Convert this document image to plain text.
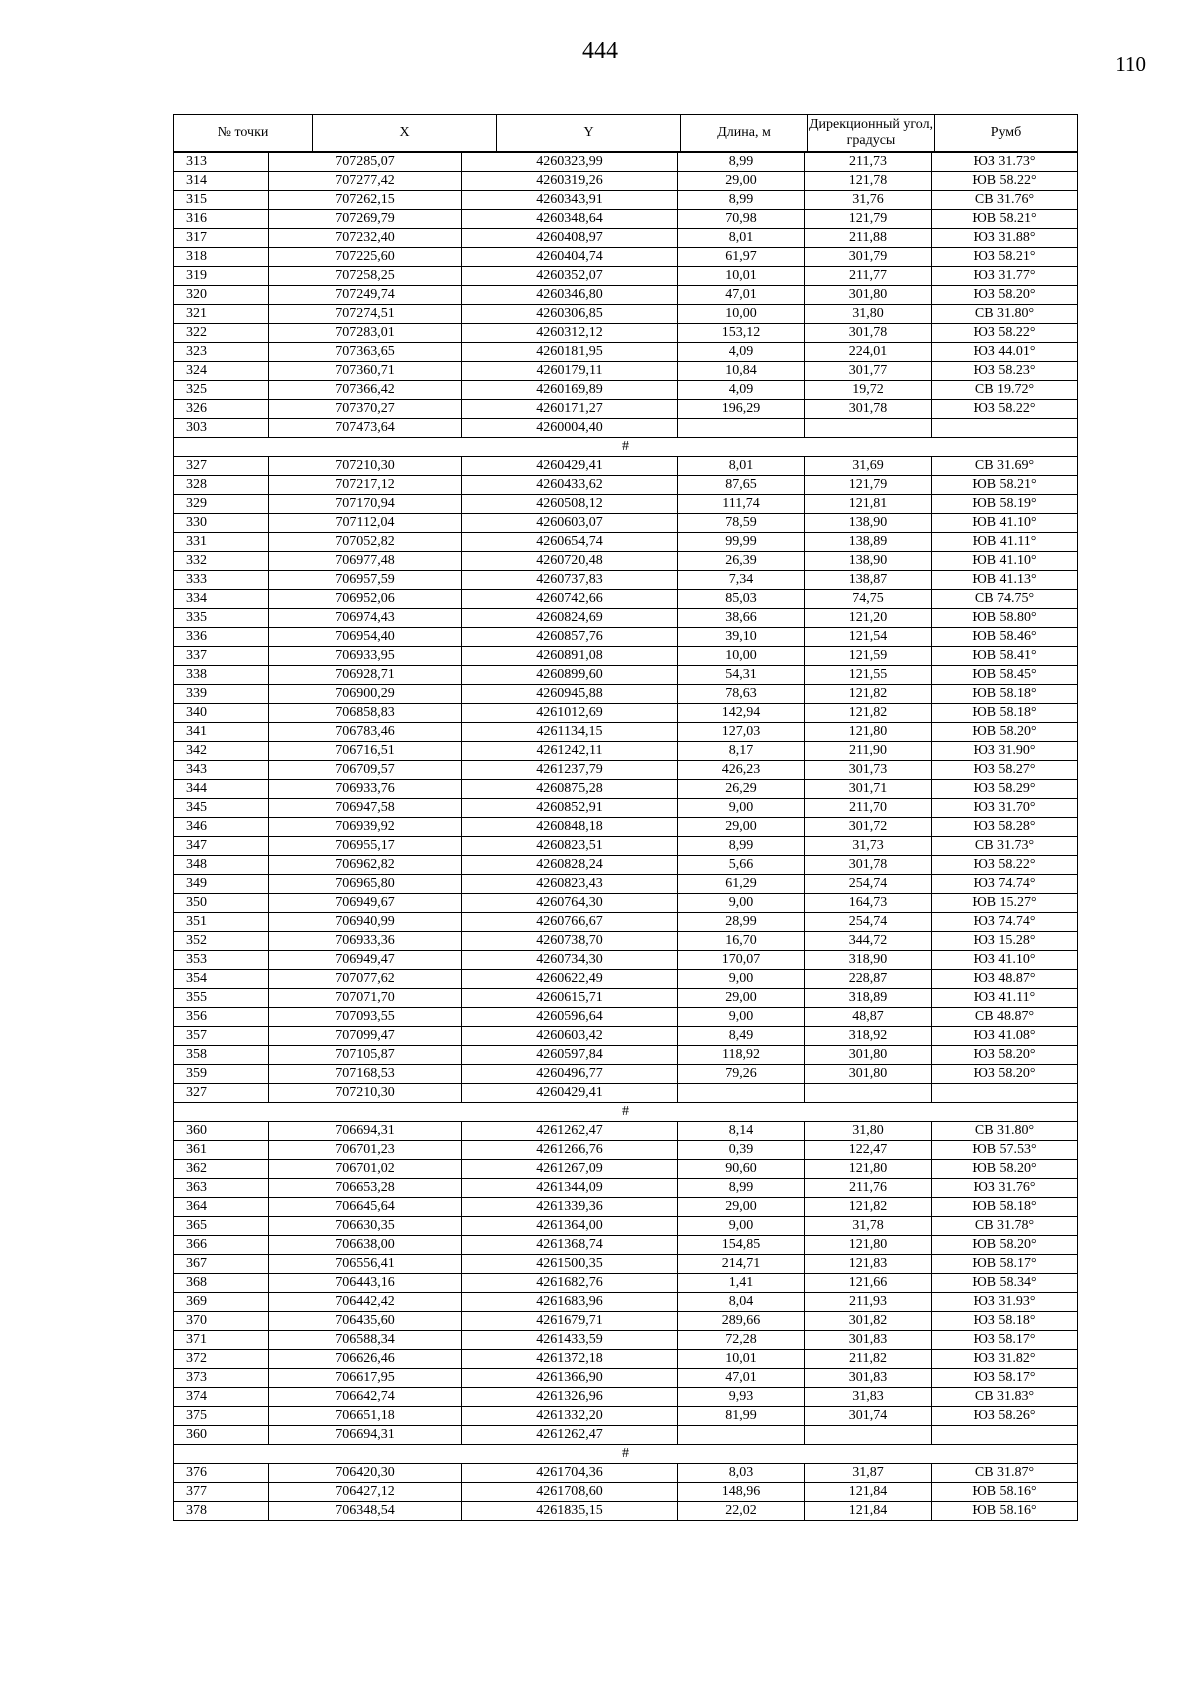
444	110
№ точки	X	Y	Длина, м	Дирекционный угол, градусы	Румб
313	707285,07	4260323,99	8,99	211,73	ЮЗ 31.73°
314	707277,42	4260319,26	29,00	121,78	ЮВ 58.22°
315	707262,15	4260343,91	8,99	31,76	СВ 31.76°
316	707269,79	4260348,64	70,98	121,79	ЮВ 58.21°
317	707232,40	4260408,97	8,01	211,88	ЮЗ 31.88°
318	707225,60	4260404,74	61,97	301,79	ЮЗ 58.21°
319	707258,25	4260352,07	10,01	211,77	ЮЗ 31.77°
320	707249,74	4260346,80	47,01	301,80	ЮЗ 58.20°
321	707274,51	4260306,85	10,00	31,80	СВ 31.80°
322	707283,01	4260312,12	153,12	301,78	ЮЗ 58.22°
323	707363,65	4260181,95	4,09	224,01	ЮЗ 44.01°
324	707360,71	4260179,11	10,84	301,77	ЮЗ 58.23°
325	707366,42	4260169,89	4,09	19,72	СВ 19.72°
326	707370,27	4260171,27	196,29	301,78	ЮЗ 58.22°
303	707473,64	4260004,40			
#					
327	707210,30	4260429,41	8,01	31,69	СВ 31.69°
328	707217,12	4260433,62	87,65	121,79	ЮВ 58.21°
329	707170,94	4260508,12	111,74	121,81	ЮВ 58.19°
330	707112,04	4260603,07	78,59	138,90	ЮВ 41.10°
331	707052,82	4260654,74	99,99	138,89	ЮВ 41.11°
332	706977,48	4260720,48	26,39	138,90	ЮВ 41.10°
333	706957,59	4260737,83	7,34	138,87	ЮВ 41.13°
334	706952,06	4260742,66	85,03	74,75	СВ 74.75°
335	706974,43	4260824,69	38,66	121,20	ЮВ 58.80°
336	706954,40	4260857,76	39,10	121,54	ЮВ 58.46°
337	706933,95	4260891,08	10,00	121,59	ЮВ 58.41°
338	706928,71	4260899,60	54,31	121,55	ЮВ 58.45°
339	706900,29	4260945,88	78,63	121,82	ЮВ 58.18°
340	706858,83	4261012,69	142,94	121,82	ЮВ 58.18°
341	706783,46	4261134,15	127,03	121,80	ЮВ 58.20°
342	706716,51	4261242,11	8,17	211,90	ЮЗ 31.90°
343	706709,57	4261237,79	426,23	301,73	ЮЗ 58.27°
344	706933,76	4260875,28	26,29	301,71	ЮЗ 58.29°
345	706947,58	4260852,91	9,00	211,70	ЮЗ 31.70°
346	706939,92	4260848,18	29,00	301,72	ЮЗ 58.28°
347	706955,17	4260823,51	8,99	31,73	СВ 31.73°
348	706962,82	4260828,24	5,66	301,78	ЮЗ 58.22°
349	706965,80	4260823,43	61,29	254,74	ЮЗ 74.74°
350	706949,67	4260764,30	9,00	164,73	ЮВ 15.27°
351	706940,99	4260766,67	28,99	254,74	ЮЗ 74.74°
352	706933,36	4260738,70	16,70	344,72	ЮЗ 15.28°
353	706949,47	4260734,30	170,07	318,90	ЮЗ 41.10°
354	707077,62	4260622,49	9,00	228,87	ЮЗ 48.87°
355	707071,70	4260615,71	29,00	318,89	ЮЗ 41.11°
356	707093,55	4260596,64	9,00	48,87	СВ 48.87°
357	707099,47	4260603,42	8,49	318,92	ЮЗ 41.08°
358	707105,87	4260597,84	118,92	301,80	ЮЗ 58.20°
359	707168,53	4260496,77	79,26	301,80	ЮЗ 58.20°
327	707210,30	4260429,41			
#					
360	706694,31	4261262,47	8,14	31,80	СВ 31.80°
361	706701,23	4261266,76	0,39	122,47	ЮВ 57.53°
362	706701,02	4261267,09	90,60	121,80	ЮВ 58.20°
363	706653,28	4261344,09	8,99	211,76	ЮЗ 31.76°
364	706645,64	4261339,36	29,00	121,82	ЮВ 58.18°
365	706630,35	4261364,00	9,00	31,78	СВ 31.78°
366	706638,00	4261368,74	154,85	121,80	ЮВ 58.20°
367	706556,41	4261500,35	214,71	121,83	ЮВ 58.17°
368	706443,16	4261682,76	1,41	121,66	ЮВ 58.34°
369	706442,42	4261683,96	8,04	211,93	ЮЗ 31.93°
370	706435,60	4261679,71	289,66	301,82	ЮЗ 58.18°
371	706588,34	4261433,59	72,28	301,83	ЮЗ 58.17°
372	706626,46	4261372,18	10,01	211,82	ЮЗ 31.82°
373	706617,95	4261366,90	47,01	301,83	ЮЗ 58.17°
374	706642,74	4261326,96	9,93	31,83	СВ 31.83°
375	706651,18	4261332,20	81,99	301,74	ЮЗ 58.26°
360	706694,31	4261262,47			
#					
376	706420,30	4261704,36	8,03	31,87	СВ 31.87°
377	706427,12	4261708,60	148,96	121,84	ЮВ 58.16°
378	706348,54	4261835,15	22,02	121,84	ЮВ 58.16°
